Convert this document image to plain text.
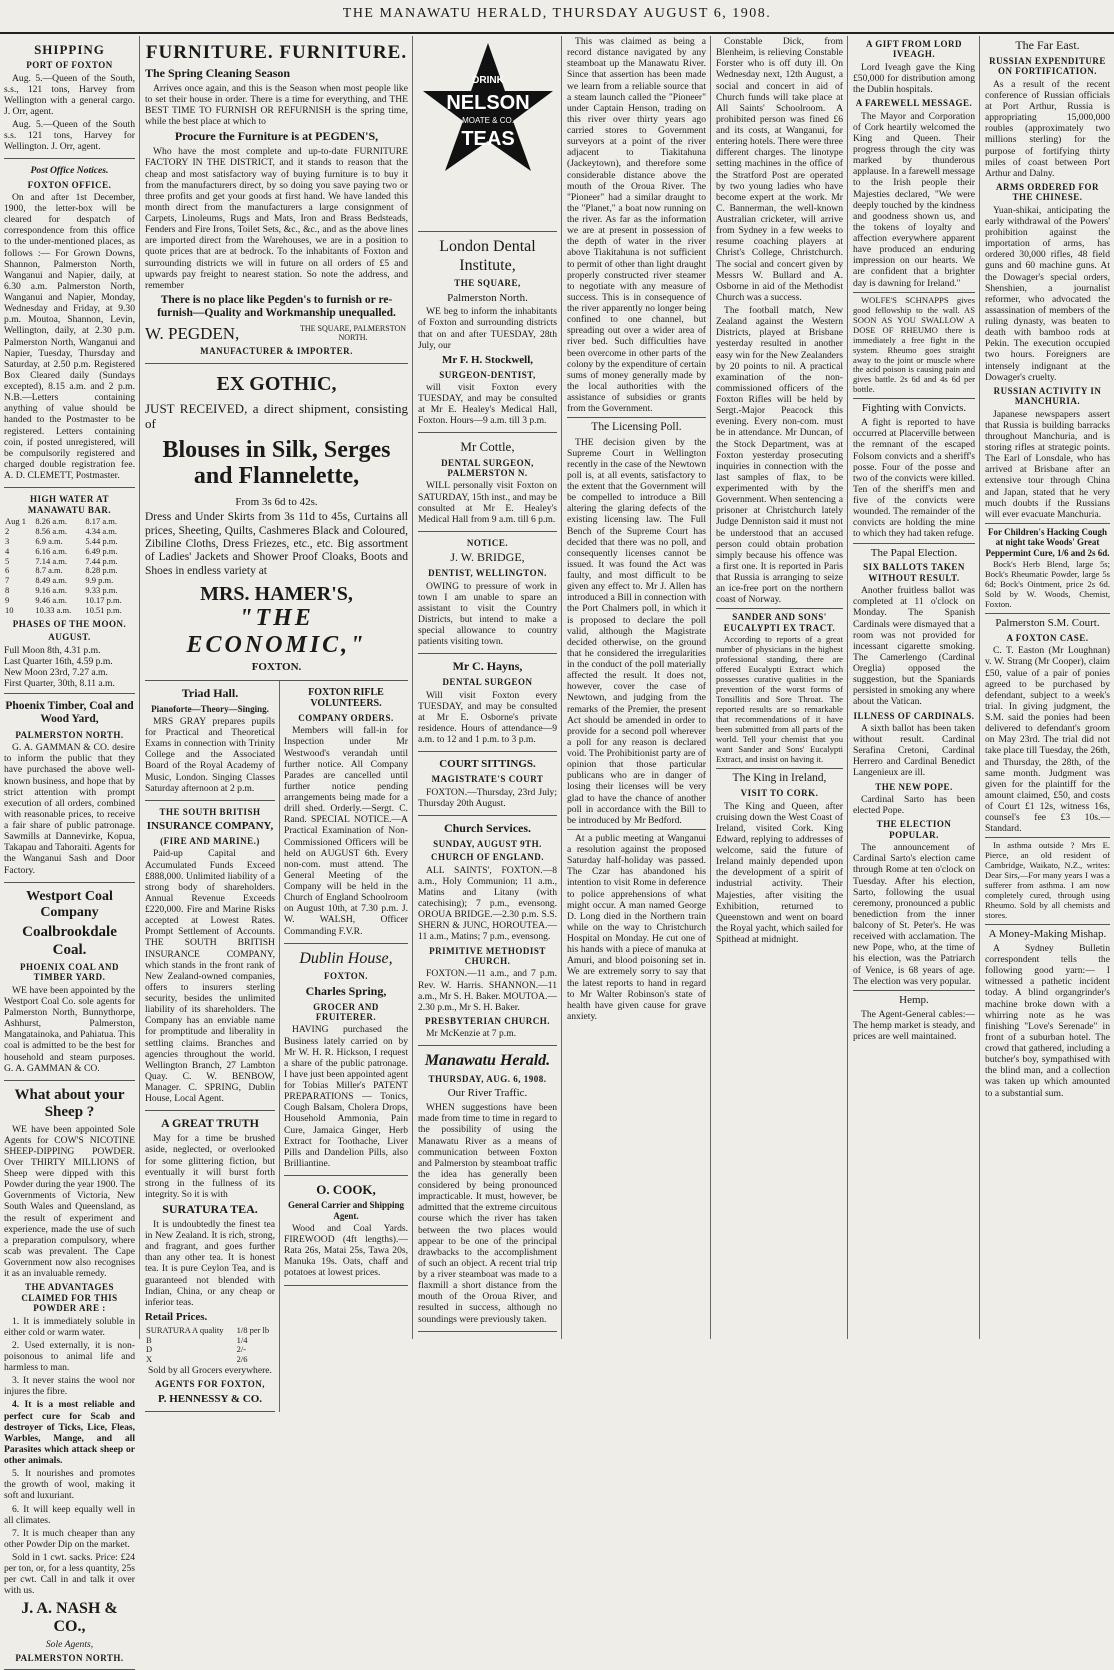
THE MANAWATU HERALD, THURSDAY AUGUST 6, 1908.
SHIPPING
PORT OF FOXTON

Aug. 5.—Queen of the South, s.s., 121 tons, Harvey from Wellington with a general cargo. J. Orr, agent.

Aug. 5.—Queen of the South s.s. 121 tons, Harvey for Wellington. J. Orr, agent.

Post Office Notices.
FOXTON OFFICE.

On and after 1st December, 1900, the letter-box will be cleared for despatch of correspondence from this office to the under-mentioned places, as follows :— For Grown Downs, Shannon, Palmerston North, Wanganui and Napier, daily, at 6.30 a.m. Palmerston North, Wanganui and Napier, Monday, Wednesday and Friday, at 9.30 p.m. Moutoa, Shannon, Levin, Wellington, daily, at 2.30 p.m. Palmerston North, Wanganui and Napier, Tuesday, Thursday and Saturday, at 2.50 p.m. Registered Box Cleared daily (Sundays excepted), 8.15 a.m. and 2 p.m. N.B.—Letters containing anything of value should be handed to the Postmaster to be registered. Letters containing coin, if posted unregistered, will be compulsorily registered and charged double registration fee. A. D. CLEMETT, Postmaster.

HIGH WATER AT MANAWATU BAR.
Aug 1	8.26 a.m.	8.17 a.m.
2	8.56 a.m.	4.34 a.m.
3	6.9 a.m.	5.44 p.m.
4	6.16 a.m.	6.49 p.m.
5	7.14 a.m.	7.44 p.m.
6	8.7 a.m.	8.28 p.m.
7	8.49 a.m.	9.9 p.m.
8	9.16 a.m.	9.33 p.m.
9	9.46 a.m.	10.17 p.m.
10	10.33 a.m.	10.51 p.m.
PHASES OF THE MOON.
AUGUST.
Full Moon 8th, 4.31 p.m.
Last Quarter 16th, 4.59 p.m.
New Moon 23rd, 7.27 a.m.
First Quarter, 30th, 8.11 a.m.
Phoenix Timber, Coal and Wood Yard,
PALMERSTON NORTH.

G. A. GAMMAN & CO. desire to inform the public that they have purchased the above well-known business, and hope that by strict attention with prompt execution of all orders, combined with reasonable prices, to receive a fair share of public patronage. Sawmills at Dannevirke, Kopua, Takapau and Tahoraiti. Agents for the Wanganui Sash and Door Factory.

Westport Coal Company
Coalbrookdale Coal.
PHOENIX COAL AND TIMBER YARD.

WE have been appointed by the Westport Coal Co. sole agents for Palmerston North, Bunnythorpe, Ashhurst, Palmerston, Mangatainoka, and Pahiatua. This coal is admitted to be the best for household and steam purposes. G. A. GAMMAN & CO.

What about your Sheep ?

WE have been appointed Sole Agents for COW'S NICOTINE SHEEP-DIPPING POWDER. Over THIRTY MILLIONS of Sheep were dipped with this Powder during the year 1900. The Governments of Victoria, New South Wales and Queensland, as the result of experiment and experience, made the use of such a preparation compulsory, where scab was prevalent. The Cape Government now also recognises it as an invaluable remedy.

THE ADVANTAGES CLAIMED FOR THIS POWDER ARE :

1. It is immediately soluble in either cold or warm water.

2. Used externally, it is non-poisonous to animal life and harmless to man.

3. It never stains the wool nor injures the fibre.

4. It is a most reliable and perfect cure for Scab and destroyer of Ticks, Lice, Fleas, Warbles, Mange, and all Parasites which attack sheep or other animals.

5. It nourishes and promotes the growth of wool, making it soft and luxuriant.

6. It will keep equally well in all climates.

7. It is much cheaper than any other Powder Dip on the market.

Sold in 1 cwt. sacks. Price: £24 per ton, or, for a less quantity, 25s per cwt. Call in and talk it over with us.

J. A. NASH & CO.,
Sole Agents,
PALMERSTON NORTH.
FURNITURE. FURNITURE.
The Spring Cleaning Season

Arrives once again, and this is the Season when most people like to set their house in order. There is a time for everything, and THE BEST TIME TO FURNISH OR REFURNISH is the spring time, while the best place at which to

Procure the Furniture is at PEGDEN'S,

Who have the most complete and up-to-date FURNITURE FACTORY IN THE DISTRICT, and it stands to reason that the cheap and most satisfactory way of buying furniture is to buy it from the manufacturers direct, by so doing you save paying two or three profits and get your goods at first hand. We have landed this month direct from the manufacturers a large consignment of Carpets, Linoleums, Rugs and Mats, Iron and Brass Bedsteads, Fenders and Fire Irons, Toilet Sets, &c., &c., and as the above lines are imported direct from the Warehouses, we are in a position to quote prices that are at bedrock. To the inhabitants of Foxton and surrounding districts we will in future on all orders of £5 and upwards pay freight to nearest station. So note the address, and remember

There is no place like Pegden's to furnish or re-furnish—Quality and Workmanship unequalled.
W. PEGDEN,	THE SQUARE, PALMERSTON NORTH.
MANUFACTURER & IMPORTER.
EX GOTHIC,

JUST RECEIVED, a direct shipment, consisting of

Blouses in Silk, Serges and Flannelette,
From 3s 6d to 42s.

Dress and Under Skirts from 3s 11d to 45s, Curtains all prices, Sheeting, Quilts, Cashmeres Black and Coloured, Zibiline Cloths, Dress Friezes, etc., etc. Big assortment of Ladies' Jackets and Shower Proof Cloaks, Boots and Shoes in endless variety at

MRS. HAMER'S,
"THE ECONOMIC,"
FOXTON.
Triad Hall.
Pianoforte—Theory—Singing.

MRS GRAY prepares pupils for Practical and Theoretical Exams in connection with Trinity College and the Associated Board of the Royal Academy of Music, London. Singing Classes Saturday afternoon at 2 p.m.

THE SOUTH BRITISH
INSURANCE COMPANY,
(FIRE AND MARINE.)

Paid-up Capital and Accumulated Funds Exceed £888,000. Unlimited liability of a strong body of shareholders. Annual Revenue Exceeds £220,000. Fire and Marine Risks accepted at Lowest Rates. Prompt Settlement of Accounts. THE SOUTH BRITISH INSURANCE COMPANY, which stands in the front rank of New Zealand-owned companies, offers to insurers sterling security, besides the unlimited liability of its shareholders. The Company has an enviable name for promptitude and liberality in settling claims. Branches and agencies throughout the world. Wellington Branch, 27 Lambton Quay. C. W. BENBOW, Manager. C. SPRING, Dublin House, Local Agent.

A GREAT TRUTH

May for a time be brushed aside, neglected, or overlooked for some glittering fiction, but eventually it will burst forth strong in the fullness of its integrity. So it is with

SURATURA TEA.

It is undoubtedly the finest tea in New Zealand. It is rich, strong, and fragrant, and goes further than any other tea. It is honest tea. It is pure Ceylon Tea, and is guaranteed not blended with Indian, China, or any cheap or inferior teas.

Retail Prices.
SURATURA A quality	1/8 per lb
B	1/4
D	2/-
X	2/6
Sold by all Grocers everywhere.
AGENTS FOR FOXTON,
P. HENNESSY & CO.
FOXTON RIFLE VOLUNTEERS.
COMPANY ORDERS.

Members will fall-in for Inspection under Mr Westwood's verandah until further notice. All Company Parades are cancelled until further notice pending arrangements being made for a drill shed. Orderly.—Sergt. C. Rand. SPECIAL NOTICE.—A Practical Examination of Non-Commissioned Officers will be held on AUGUST 6th. Every non-com. must attend. The General Meeting of the Company will be held in the Church of England Schoolroom on August 10th, at 7.30 p.m. J. W. WALSH, Officer Commanding F.V.R.

Dublin House,
FOXTON.
Charles Spring,
GROCER AND FRUITERER.

HAVING purchased the Business lately carried on by Mr W. H. R. Hickson, I request a share of the public patronage. I have just been appointed agent for Tobias Miller's PATENT PREPARATIONS — Tonics, Cough Balsam, Cholera Drops, Household Ammonia, Pain Cure, Jamaica Ginger, Herb Extract for Toothache, Liver Pills and Dandelion Pills, also Brilliantine.

O. COOK,
General Carrier and Shipping Agent.

Wood and Coal Yards. FIREWOOD (4ft lengths).—Rata 26s, Matai 25s, Tawa 20s, Manuka 19s. Oats, chaff and potatoes at lowest prices.

DRINK
NELSON
MOATE & CO.
TEAS
London Dental Institute,
THE SQUARE,
Palmerston North.

WE beg to inform the inhabitants of Foxton and surrounding districts that on and after TUESDAY, 28th July, our

Mr F. H. Stockwell,
SURGEON-DENTIST,

will visit Foxton every TUESDAY, and may be consulted at Mr E. Healey's Medical Hall, Foxton. Hours—9 a.m. till 3 p.m.

Mr Cottle,
DENTAL SURGEON, PALMERSTON N.

WILL personally visit Foxton on SATURDAY, 15th inst., and may be consulted at Mr E. Healey's Medical Hall from 9 a.m. till 6 p.m.

NOTICE.
J. W. BRIDGE,
DENTIST, WELLINGTON.

OWING to pressure of work in town I am unable to spare an assistant to visit the Country Districts, but intend to make a special allowance to country patients visiting town.

Mr C. Hayns,
DENTAL SURGEON

Will visit Foxton every TUESDAY, and may be consulted at Mr E. Osborne's private residence. Hours of attendance—9 a.m. to 12 and 1 p.m. to 3 p.m.

COURT SITTINGS.
MAGISTRATE'S COURT

FOXTON.—Thursday, 23rd July; Thursday 20th August.

Church Services.
SUNDAY, AUGUST 9TH.
CHURCH OF ENGLAND.

ALL SAINTS', FOXTON.—8 a.m., Holy Communion; 11 a.m., Matins and Litany (with catechising); 7 p.m., evensong. OROUA BRIDGE.—2.30 p.m. S.S. SHERN & JUNC, HOROUTEA.—11 a.m., Matins; 7 p.m., evensong.

PRIMITIVE METHODIST CHURCH.

FOXTON.—11 a.m., and 7 p.m. Rev. W. Harris. SHANNON.—11 a.m., Mr S. H. Baker. MOUTOA.—2.30 p.m., Mr S. H. Baker.

PRESBYTERIAN CHURCH.

Mr McKenzie at 7 p.m.

Manawatu Herald.
THURSDAY, AUG. 6, 1908.
Our River Traffic.

WHEN suggestions have been made from time to time in regard to the possibility of using the Manawatu River as a means of communication between Foxton and Palmerston by steamboat traffic the idea has generally been considered by being pronounced impracticable. It must, however, be admitted that the extreme circuitous course which the river has taken between the two places would appear to be one of the principal drawbacks to the accomplishment of such an object. A recent trial trip by a river steamboat was made to a flaxmill a short distance from the mouth of the Oroua River, and resulted in success, although no soundings were previously taken.

This was claimed as being a record distance navigated by any steamboat up the Manawatu River. Since that assertion has been made we learn from a reliable source that a steam launch called the "Pioneer" under Captain Henson, trading on this river over thirty years ago carried stores to Government surveyors at a point of the river adjacent to Tiakitahuna (Jackeytown), and therefore some considerable distance above the mouth of the Oroua River. The "Pioneer" had a similar draught to the "Planet," a boat now running on the river. As far as the information we are at present in possession of the depth of water in the river above Tiakitahuna is not sufficient to permit of other than light draught properly constructed river steamer to negotiate with any measure of success. This is in consequence of the river apparently no longer being confined to one channel, but spreading out over a wider area of river bed. Such difficulties have been overcome in other parts of the colony by the expenditure of certain sums of money generally made by the local authorities with the assistance of subsidies or grants from the Government.

The Licensing Poll.

THE decision given by the Supreme Court in Wellington recently in the case of the Newtown poll is, at all events, satisfactory to the extent that the Government will be compelled to introduce a Bill altering the glaring defects of the existing licensing law. The Full Bench of the Supreme Court has decided that there was no poll, and consequently licenses cannot be issued. It was found the Act was faulty, and most difficult to be given any effect to. Mr J. Allen has introduced a Bill in connection with the Port Chalmers poll, in which it is proposed to declare the poll valid, although the Magistrate decided otherwise, on the ground that he considered the irregularities in the conduct of the poll materially affected the result. It does not, however, cover the case of Newtown, and judging from the remarks of the Premier, the present Act should be amended in order to provide for a second poll wherever a poll for any reason is declared void. The Prohibitionist party are of opinion that those particular publicans who are in danger of losing their licenses will be very glad to have the chance of another poll in accordance with the Bill to be introduced by Mr Bedford.

At a public meeting at Wanganui a resolution against the proposed Saturday half-holiday was passed. The Czar has abandoned his intention to visit Rome in deference to police apprehensions of what might occur. A man named George D. Long died in the Northern train while on the way to Christchurch Hospital on Monday. He cut one of his hands with a piece of manuka at Amuri, and blood poisoning set in. We are extremely sorry to say that the latest reports to hand in regard to Mr Walter Robinson's state of health have given cause for grave anxiety.

Constable Dick, from Blenheim, is relieving Constable Forster who is off duty ill. On Wednesday next, 12th August, a social and concert in aid of Church funds will take place at All Saints' Schoolroom. A prohibited person was fined £6 and its costs, at Wanganui, for entering hotels. There were three different charges. The linotype setting machines in the office of the Stratford Post are operated by two young ladies who have become expert at the work. Mr C. Bannerman, the well-known Australian cricketer, will arrive from Sydney in a few weeks to resume coaching players at Christ's College, Christchurch. The social and concert given by Messrs W. Bullard and A. Osborne in aid of the Methodist Church was a success.

The football match, New Zealand against the Western Districts, played at Brisbane yesterday resulted in another easy win for the New Zealanders by 20 points to nil. A practical examination of the non-commissioned officers of the Foxton Rifles will be held by Sergt.-Major Peacock this evening. Every non-com. must be in attendance. Mr Duncan, of the Stock Department, was at Foxton yesterday prosecuting inquiries in connection with the last samples of flax, to be experimented with by the Government. When sentencing a prisoner at Christchurch lately Judge Denniston said it must not be understood that an accused person could obtain probation simply because his offence was a first one. It is reported in Paris that Russia is arranging to seize an ice-free port on the northern coast of Norway.

SANDER AND SONS' EUCALYPTI EX TRACT.

According to reports of a great number of physicians in the highest professional standing, there are offered Eucalypti Extract which possesses curative qualities in the prevention of the worst forms of Tonsillitis and Sore Throat. The reported results are so remarkable that recommendations of it have been submitted from all parts of the world. Tell your chemist that you want Sander and Sons' Eucalypti Extract, and insist on having it.

The King in Ireland,
VISIT TO CORK.

The King and Queen, after cruising down the West Coast of Ireland, visited Cork. King Edward, replying to addresses of welcome, said the future of Ireland mainly depended upon the development of a spirit of industrial activity. Their Majesties, after visiting the Exhibition, returned to Queenstown and went on board the Royal yacht, which sailed for Spithead at midnight.

A GIFT FROM LORD IVEAGH.

Lord Iveagh gave the King £50,000 for distribution among the Dublin hospitals.

A FAREWELL MESSAGE.

The Mayor and Corporation of Cork heartily welcomed the King and Queen. Their progress through the city was marked by thunderous applause. In a farewell message to the Irish people their Majesties declared, "We were deeply touched by the kindness and goodness shown us, and the tokens of loyalty and affection everywhere apparent have produced an enduring impression on our hearts. We are confident that a brighter day is dawning for Ireland."

WOLFE'S SCHNAPPS gives good fellowship to the wall. AS SOON AS YOU SWALLOW A DOSE OF RHEUMO there is immediately a free fight in the system. Rheumo goes straight away to the joint or muscle where the acid poison is causing pain and gives battle. 2s 6d and 4s 6d per bottle.

Fighting with Convicts.

A fight is reported to have occurred at Placerville between the remnant of the escaped Folsom convicts and a sheriff's posse. Four of the posse and two of the convicts were killed. Ten of the sheriff's men and five of the convicts were wounded. The remainder of the convicts are holding the mine to which they had taken refuge.

The Papal Election.
SIX BALLOTS TAKEN WITHOUT RESULT.

Another fruitless ballot was completed at 11 o'clock on Monday. The Spanish Cardinals were dismayed that a room was not provided for incessant cigarette smoking. The Camerlengo (Cardinal Oreglia) opposed the suggestion, but the Spaniards persisted in smoking any where about the Vatican.

ILLNESS OF CARDINALS.

A sixth ballot has been taken without result. Cardinal Serafina Cretoni, Cardinal Herrero and Cardinal Benedict Langenieux are ill.

THE NEW POPE.

Cardinal Sarto has been elected Pope.

THE ELECTION POPULAR.

The announcement of Cardinal Sarto's election came through Rome at ten o'clock on Tuesday. After his election, Sarto, following the usual ceremony, pronounced a public benediction from the inner balcony of St. Peter's. He was received with acclamation. The new Pope, who, at the time of his election, was the Patriarch of Venice, is 68 years of age. The election was very popular.

Hemp.

The Agent-General cables:—The hemp market is steady, and prices are well maintained.

The Far East.
RUSSIAN EXPENDITURE ON FORTIFICATION.

As a result of the recent conference of Russian officials at Port Arthur, Russia is appropriating 15,000,000 roubles (approximately two millions sterling) for the purpose of fortifying thirty miles of coast between Port Arthur and Dalny.

ARMS ORDERED FOR THE CHINESE.

Yuan-shikai, anticipating the early withdrawal of the Powers' prohibition against the importation of arms, has ordered 30,000 rifles, 48 field guns and 60 machine guns. At the Dowager's special orders, Shenshien, a journalist reformer, who advocated the assassination of members of the ruling dynasty, was beaten to death with bamboo rods at Pekin. The execution occupied two hours. Foreigners are intensely indignant at the Dowager's cruelty.

RUSSIAN ACTIVITY IN MANCHURIA.

Japanese newspapers assert that Russia is building barracks throughout Manchuria, and is storing rifles at strategic points. The Earl of Lonsdale, who has arrived at Brisbane after an extensive tour through China and Japan, stated that he very much doubts if the Russians will ever evacuate Manchuria.

For Children's Hacking Cough at night take Woods' Great Peppermint Cure, 1/6 and 2s 6d.

Bock's Herb Blend, large 5s; Bock's Rheumatic Powder, large 5s 6d; Bock's Ointment, price 2s 6d. Sold by W. Woods, Chemist, Foxton.

Palmerston S.M. Court.
A FOXTON CASE.

C. T. Easton (Mr Loughnan) v. W. Strang (Mr Cooper), claim £50, value of a pair of ponies agreed to be purchased by defendant, subject to a week's trial. In giving judgment, the S.M. said the ponies had been delivered to defendant's groom on May 23rd. The trial did not take place till Tuesday, the 26th, and Thursday, the 28th, of the same month. Judgment was given for the plaintiff for the amount claimed, £50, and costs of Court £1 12s, witness 16s, counsel's fee £3 10s.—Standard.

In asthma outside ? Mrs E. Pierce, an old resident of Cambridge, Waikato, N.Z., writes: Dear Sirs,—For many years I was a sufferer from asthma. I am now completely cured, through using Rheumo. Sold by all chemists and stores.

A Money-Making Mishap.

A Sydney Bulletin correspondent tells the following good yarn:— I witnessed a pathetic incident today. A blind organgrinder's machine broke down with a whirring note as he was finishing "Love's Serenade" in front of a suburban hotel. The crowd that gathered, including a butcher's boy, sympathised with the blind man, and a collection was taken up which amounted to a substantial sum.
